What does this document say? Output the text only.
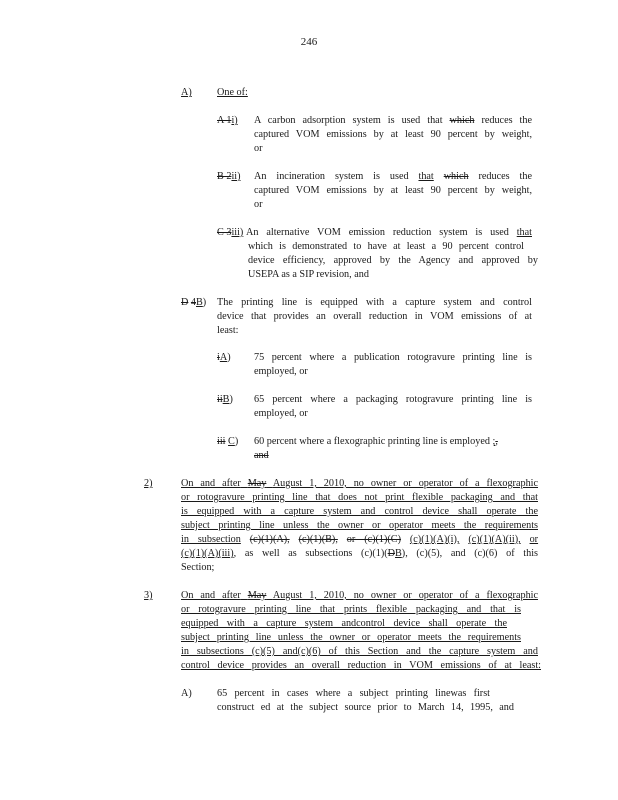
246
A) One of:
A 1i) A carbon adsorption system is used that which reduces the
captured VOM emissions by at least 90 percent by weight,
or
B 2ii) An incineration system is used that which reduces the
captured VOM emissions by at least 90 percent by weight,
or
C 3iii) An alternative VOM emission reduction system is used that
which is demonstrated to have at least a 90 percent control
device efficiency, approved by the Agency and approved by
USEPA as a SIP revision, and
D 4B) The printing line is equipped with a capture system and control
device that provides an overall reduction in VOM emissions of at
least:
iA) 75 percent where a publication rotogravure printing line is
employed, or
iiB) 65 percent where a packaging rotogravure printing line is
employed, or
iii C) 60 percent where a flexographic printing line is employed ;,
and
2)	On and after May August 1, 2010, no owner or operator of a flexographic
or rotogravure printing line that does not print flexible packaging and that
is equipped with a capture system and control device shall operate the
subject printing line unless the owner or operator meets the requirements
in subsection (c)(1)(A), (c)(1)(B), or (c)(1)(C) (c)(1)(A)(i), (c)(1)(A)(ii), or
(c)(1)(A)(iii), as well as subsections (c)(1)(DB), (c)(5), and (c)(6) of this
Section;
3)	On and after May August 1, 2010, no owner or operator of a flexographic
or rotogravure printing line that prints flexible packaging and that is
equipped with a capture system andcontrol device shall operate the
subject printing line unless the owner or operator meets the requirements
in subsections (c)(5) and(c)(6) of this Section and the capture system and
control device provides an overall reduction in VOM emissions of at least:
A) 65 percent in cases where a subject printing linewas first
construct ed at the subject source prior to March 14, 1995, and
